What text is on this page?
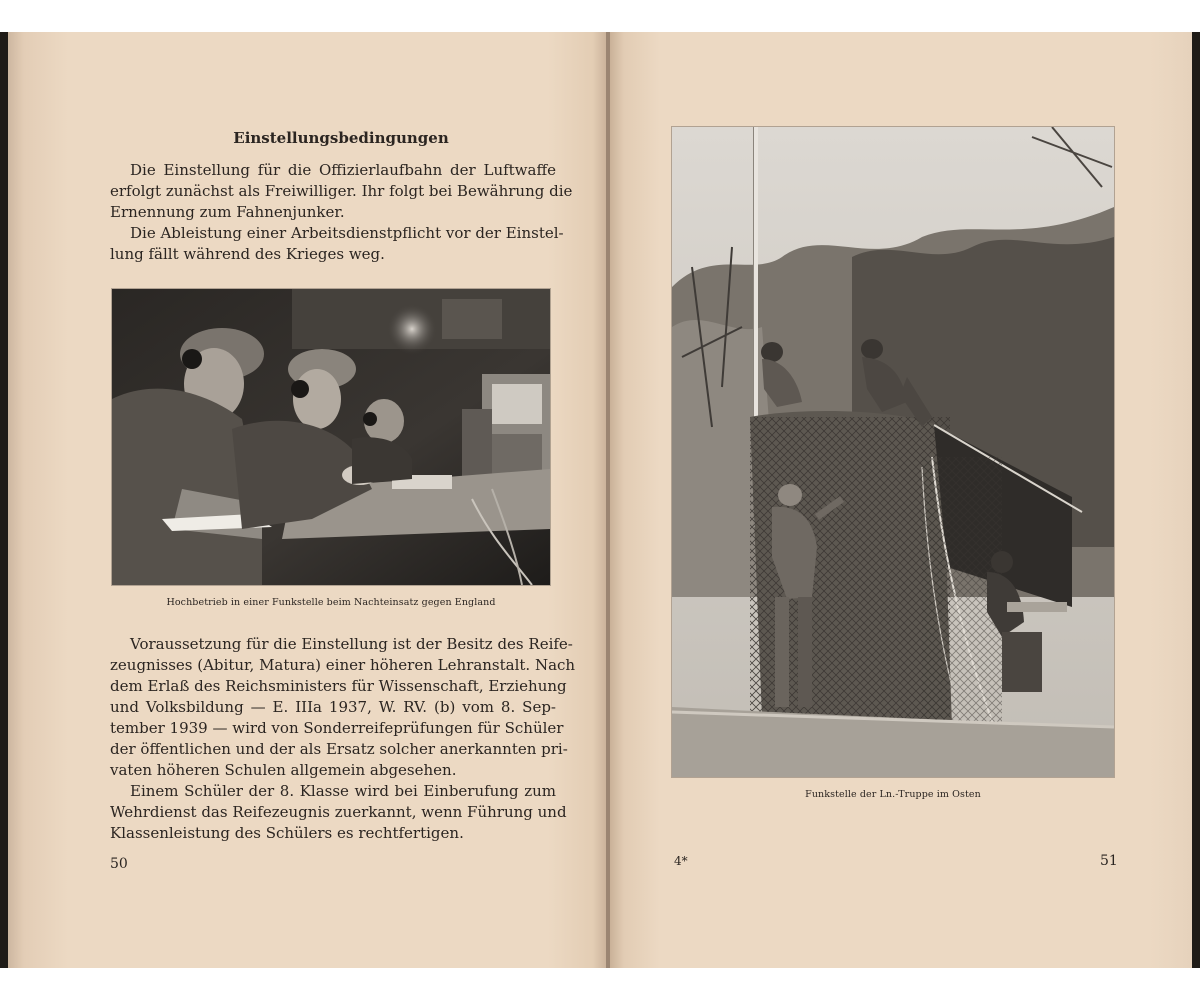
Einstellungsbedingungen
Die Einstellung für die Offizierlaufbahn der Luftwaffe
erfolgt zunächst als Freiwilliger. Ihr folgt bei Bewährung die
Ernennung zum Fahnenjunker.
Die Ableistung einer Arbeitsdienstpflicht vor der Einstel-
lung fällt während des Krieges weg.
Hochbetrieb in einer Funkstelle beim Nachteinsatz gegen England
Voraussetzung für die Einstellung ist der Besitz des Reife-
zeugnisses (Abitur, Matura) einer höheren Lehranstalt. Nach
dem Erlaß des Reichsministers für Wissenschaft, Erziehung
und Volksbildung — E. IIIa 1937, W. RV. (b) vom 8. Sep-
tember 1939 — wird von Sonderreifeprüfungen für Schüler
der öffentlichen und der als Ersatz solcher anerkannten pri-
vaten höheren Schulen allgemein abgesehen.
Einem Schüler der 8. Klasse wird bei Einberufung zum
Wehrdienst das Reifezeugnis zuerkannt, wenn Führung und
Klassenleistung des Schülers es rechtfertigen.
50
Funkstelle der Ln.-Truppe im Osten
4*	51
